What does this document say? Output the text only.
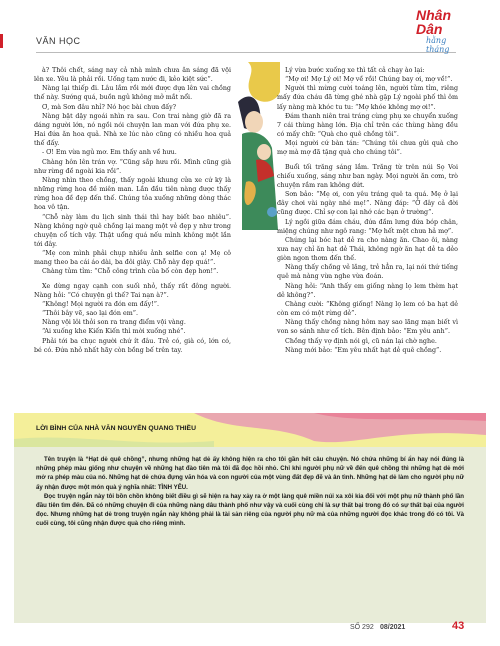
VĂN HỌC
Nhân Dân
hằng tháng

à? Thôi chết, sáng nay cả nhà mình chưa ăn sáng đã vội lên xe. Yêu là phải rồi. Uống tạm nước đi, kẻo kiệt sức”.

Nàng lại thiếp đi. Lâu lắm rồi mới được dựa lên vai chồng thế này. Sướng quá, buồn ngủ không mở mắt nổi.

Ơ, mà Sơn đâu nhỉ? Nó học bài chưa đấy?

Nàng bật dậy ngoái nhìn ra sau. Con trai nàng giờ đã ra dáng người lớn, nó ngồi nói chuyện lan man với đứa phụ xe. Hai đứa ăn hoa quả. Nhà xe lúc nào cũng có nhiều hoa quả thế đấy.

- Ơ! Em vừa ngủ mơ. Em thấy anh về hưu.

Chàng hôn lên trán vợ. “Cũng sắp hưu rồi. Mình cũng già như rừng đề ngoài kia rồi”.

Nàng nhìn theo chồng, thấy ngoài khung cửa xe cứ kỳ là những rừng hoa đề miên man. Lần đầu tiên nàng được thấy rừng hoa đề đẹp đến thế. Chúng tỏa xuống những dòng thác hoa vô tận.

“Chỗ này làm du lịch sinh thái thì hay biết bao nhiêu”. Nàng không ngờ quê chồng lại mang một vẻ đẹp y như trong chuyện cổ tích vậy. Thật uổng quá nếu mình không một lần tới đây.

“Mẹ con mình phải chụp nhiều ảnh selfie con ạ! Mẹ cô mang theo ba cái áo dài, ba đôi giày. Chỗ này đẹp quá!”.

Chàng tủm tỉm: “Chỗ công trình của bố còn đẹp hơn!”.

Xe dừng ngay cạnh con suối nhỏ, thấy rất đông người. Nàng hỏi: “Có chuyện gì thế? Tai nạn à?”.

“Không! Mọi người ra đón em đấy!”.

“Thôi bây vẽ, sao lại đón em”.

Nàng vội lôi thỏi son ra trang điểm vội vàng.

“Ai xuống khe Kiến Kiến thì mời xuống nhé”.

Phải tới ba chục người chứ ít đâu. Trẻ có, già có, lớn có, bé có. Đứa nhỏ nhất hãy còn bồng bế trên tay.

Lý vừa bước xuống xe thì tất cả chạy ào lại:

“Mợ ơi! Mợ Lý ơi! Mợ về rồi! Chúng bay ơi, mợ về!”.

Người thì mừng cười toáng lên, người tủm tỉm, riêng mấy đứa cháu đã từng ghé nhà gặp Lý ngoài phố thì ôm lấy nàng mà khóc tu tu: “Mợ khóe không mợ ơi!”.

Đám thanh niên trai tráng cùng phụ xe chuyển xuống 7 cái thùng hàng lớn. Địa chỉ trên các thùng hàng đều có mấy chữ: “Quà cho quê chồng tôi”.

Mọi người cứ bàn tán: “Chúng tôi chưa gửi quà cho mợ mà mợ đã tặng quà cho chúng tôi”.

Buổi tối trăng sáng lắm. Trăng từ trên núi Sọ Voi chiếu xuống, sáng như ban ngày. Mọi người ăn cơm, trò chuyện rầm ran không dứt.

Sơn bảo: “Mẹ ơi, con yêu tráng quê ta quá. Mẹ ở lại đây chơi vài ngày nhé mẹ!”. Nàng đáp: “Ở đây cả đời cũng được. Chỉ sợ con lại nhớ các bạn ở trường”.

Lý ngồi giữa đám cháu, đứa đầm lưng đứa bóp chân, miệng chúng như ngô rang: “Mợ hết mệt chưa hả mợ”.

Chúng lại bóc hạt dẻ ra cho nàng ăn. Chao ôi, nàng xưa nay chỉ ăn hạt dẻ Thái, không ngờ ăn hạt dẻ ta dẻo giòn ngon thơm đến thế.

Nàng thấy chồng vẻ lăng, trẻ hẳn ra, lại nói thứ tiếng quê mà nàng vừa nghe vừa đoán.

Nàng hỏi: “Anh thấy em giống nàng lọ lem thèm hạt dẻ không?”.

Chàng cười: “Không giống! Nàng lọ lem có ba hạt dẻ còn em có một rừng dẻ”.

Nàng thấy chồng nàng hôm nay sao lãng mạn biết vì von so sánh như cổ tích. Bên định bảo: “Em yêu anh”.

Chồng thấy vợ định nói gì, cũ nán lại chờ nghe.

Nàng mới bảo: “Em yêu nhất hạt dẻ quê chồng”.

LỜI BÌNH CỦA NHÀ VĂN NGUYỄN QUANG THIỀU

Tên truyện là “Hạt dẻ quê chồng”, nhưng những hạt dẻ ấy không hiện ra cho tôi gần hết câu chuyện. Nó chứa những bí ẩn hay nói đúng là những phép màu giống như chuyện về những hạt đào tiên mà tôi đã đọc hồi nhỏ. Chỉ khi người phụ nữ về đến quê chồng thì những hạt dẻ mới mở ra phép màu của nó. Những hạt dẻ chứa đựng văn hóa và con người của một vùng đất đẹp đẽ và ân tình. Những hạt dẻ làm cho người phụ nữ ấy nhận được một món quà ý nghĩa nhất: TÌNH YÊU.

Đọc truyện ngắn này tôi bồn chồn không biết điều gì sẽ hiện ra hay xảy ra ở một làng quê miền núi xa xôi kia đối với một phụ nữ thành phố lần đầu tiên tìm đến. Đã có những chuyện đi của những nàng dâu thành phố như vậy và cuối cùng chỉ là sự thất bại trong đó có sự thất bại của người đọc. Nhưng những hạt dẻ trong truyện ngắn này không phải là tài sản riêng của người phụ nữ mà của những người đọc khác trong đó có tôi. Và cuối cùng, tôi cũng nhận được quà cho riêng mình.

SỐ 292 08/2021	43
